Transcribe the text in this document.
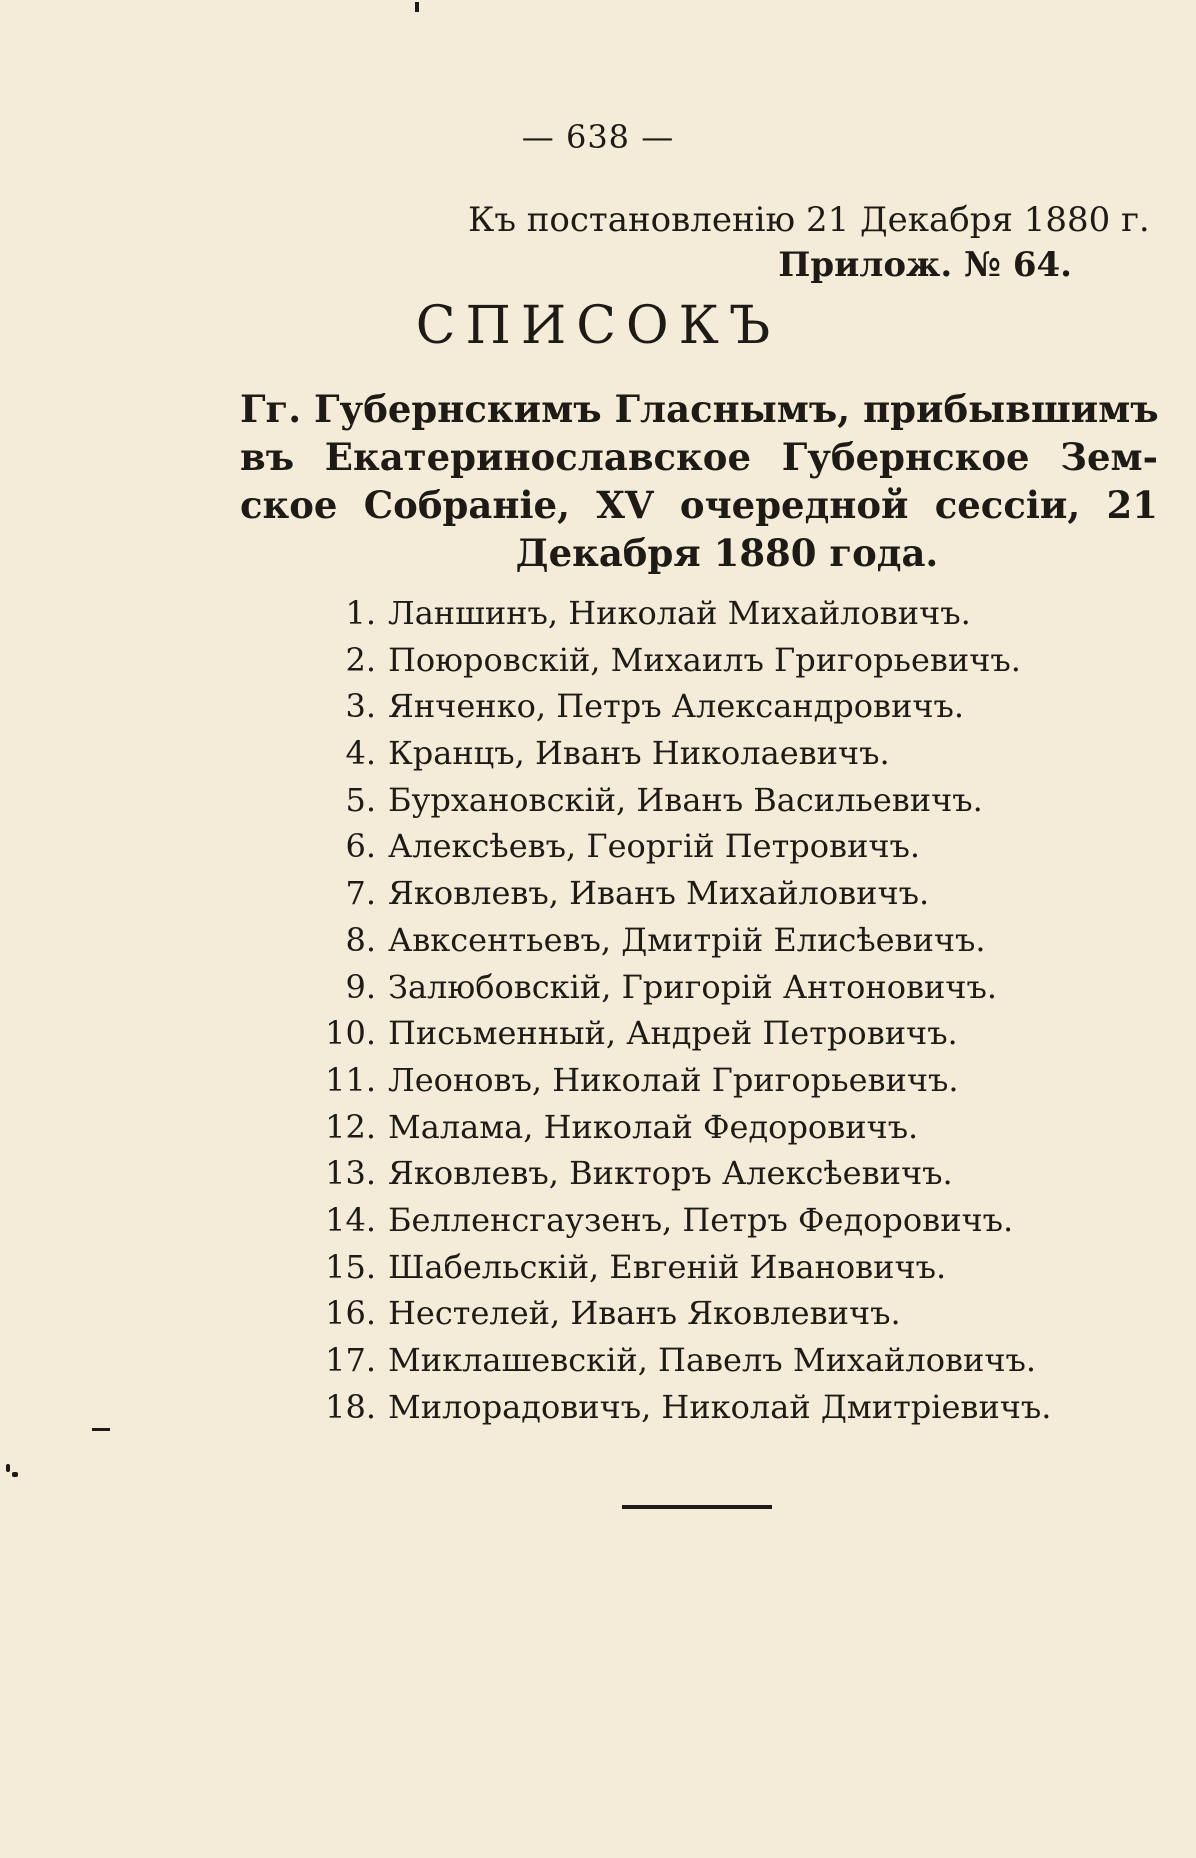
— 638 —
Къ постановленію 21 Декабря 1880 г.
Прилож. № 64.
СПИСОКЪ
Гг. Губернскимъ Гласнымъ, прибывшимъ
въ Екатеринославское Губернское Зем-
ское Собраніе, XV очередной сессіи, 21
Декабря 1880 года.
1. Ланшинъ, Николай Михайловичъ.
2. Поюровскій, Михаилъ Григорьевичъ.
3. Янченко, Петръ Александровичъ.
4. Кранцъ, Иванъ Николаевичъ.
5. Бурхановскій, Иванъ Васильевичъ.
6. Алексѣевъ, Георгій Петровичъ.
7. Яковлевъ, Иванъ Михайловичъ.
8. Авксентьевъ, Дмитрій Елисѣевичъ.
9. Залюбовскій, Григорій Антоновичъ.
10. Письменный, Андрей Петровичъ.
11. Леоновъ, Николай Григорьевичъ.
12. Малама, Николай Федоровичъ.
13. Яковлевъ, Викторъ Алексѣевичъ.
14. Белленсгаузенъ, Петръ Федоровичъ.
15. Шабельскій, Евгеній Ивановичъ.
16. Нестелей, Иванъ Яковлевичъ.
17. Миклашевскій, Павелъ Михайловичъ.
18. Милорадовичъ, Николай Дмитріевичъ.
